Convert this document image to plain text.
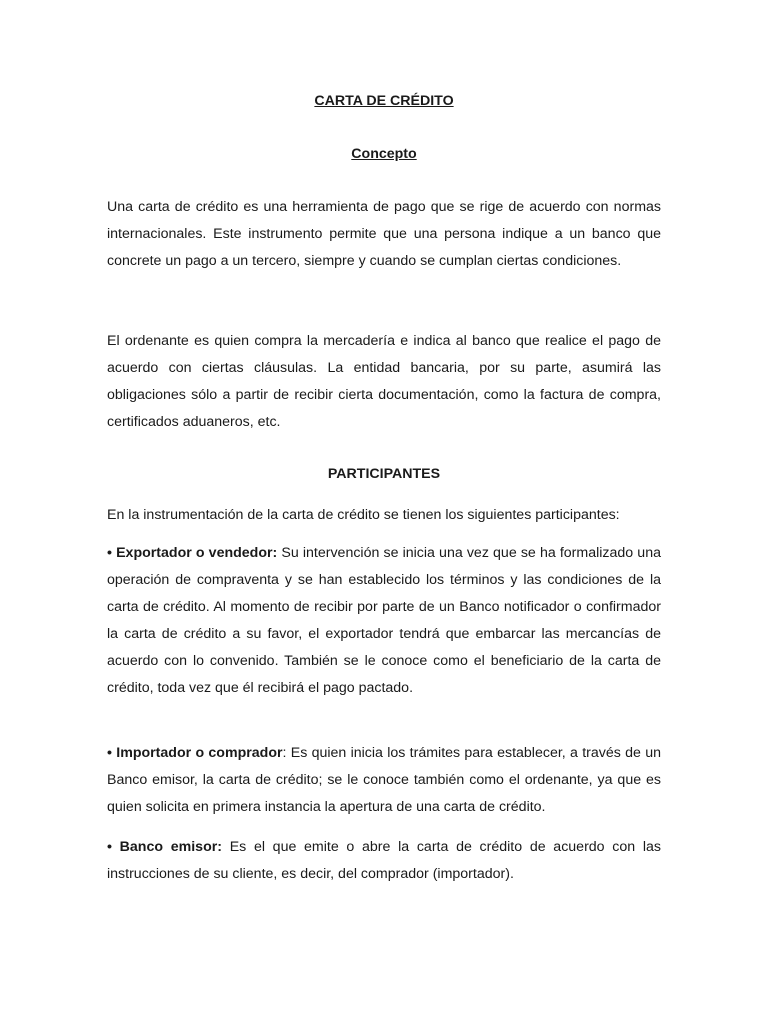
CARTA DE CRÉDITO
Concepto

Una carta de crédito es una herramienta de pago que se rige de acuerdo con normas internacionales. Este instrumento permite que una persona indique a un banco que concrete un pago a un tercero, siempre y cuando se cumplan ciertas condiciones.

El ordenante es quien compra la mercadería e indica al banco que realice el pago de acuerdo con ciertas cláusulas. La entidad bancaria, por su parte, asumirá las obligaciones sólo a partir de recibir cierta documentación, como la factura de compra, certificados aduaneros, etc.

PARTICIPANTES

En la instrumentación de la carta de crédito se tienen los siguientes participantes:

• Exportador o vendedor: Su intervención se inicia una vez que se ha formalizado una operación de compraventa y se han establecido los términos y las condiciones de la carta de crédito. Al momento de recibir por parte de un Banco notificador o confirmador la carta de crédito a su favor, el exportador tendrá que embarcar las mercancías de acuerdo con lo convenido. También se le conoce como el beneficiario de la carta de crédito, toda vez que él recibirá el pago pactado.

• Importador o comprador: Es quien inicia los trámites para establecer, a través de un Banco emisor, la carta de crédito; se le conoce también como el ordenante, ya que es quien solicita en primera instancia la apertura de una carta de crédito.

• Banco emisor: Es el que emite o abre la carta de crédito de acuerdo con las instrucciones de su cliente, es decir, del comprador (importador).
